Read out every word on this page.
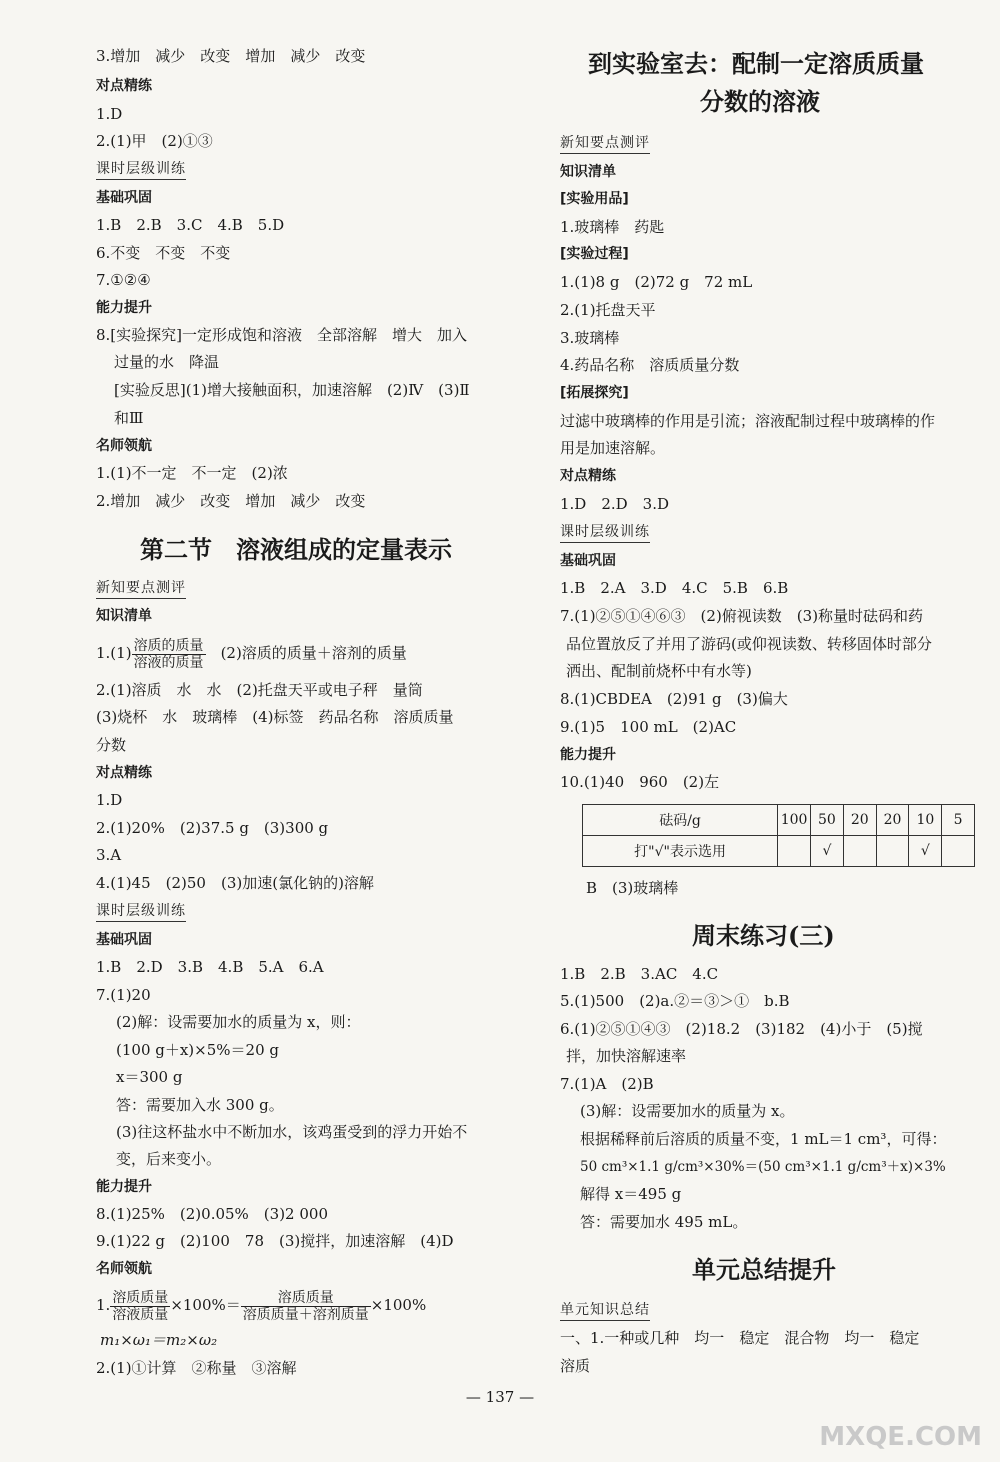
3.增加　减少　改变　增加　减少　改变
对点精练
1.D
2.(1)甲　(2)①③
课时层级训练
基础巩固
1.B　2.B　3.C　4.B　5.D
6.不变　不变　不变
7.①②④
能力提升
8.[实验探究]一定形成饱和溶液　全部溶解　增大　加入
过量的水　降温
[实验反思](1)增大接触面积，加速溶解　(2)Ⅳ　(3)Ⅱ
和Ⅲ
名师领航
1.(1)不一定　不一定　(2)浓
2.增加　减少　改变　增加　减少　改变
第二节　溶液组成的定量表示
新知要点测评
知识清单
$1.(1) \frac{\text{溶质的质量}}{\text{溶液的质量}}$ 　(2)溶质的质量＋溶剂的质量
2.(1)溶质　水　水　(2)托盘天平或电子秤　量筒
(3)烧杯　水　玻璃棒　(4)标签　药品名称　溶质质量
分数
对点精练
1.D
2.(1)20%　(2)37.5 g　(3)300 g
3.A
4.(1)45　(2)50　(3)加速(氯化钠的)溶解
课时层级训练
基础巩固
1.B　2.D　3.B　4.B　5.A　6.A
7.(1)20
(2)解：设需要加水的质量为 x，则：
(100 g＋x)×5%＝20 g
x＝300 g
答：需要加入水 300 g。
(3)往这杯盐水中不断加水，该鸡蛋受到的浮力开始不
变，后来变小。
能力提升
8.(1)25%　(2)0.05%　(3)2 000
9.(1)22 g　(2)100　78　(3)搅拌，加速溶解　(4)D
名师领航
1. $\frac{\text{溶质质量}}{\text{溶液质量}} \times 100\%= \frac{\text{溶质质量}}{\text{溶质质量＋溶剂质量}} \times 100\%$
m₁×ω₁＝m₂×ω₂
2.(1)①计算　②称量　③溶解
到实验室去：配制一定溶质质量
分数的溶液
新知要点测评
知识清单
[实验用品]
1.玻璃棒　药匙
[实验过程]
1.(1)8 g　(2)72 g　72 mL
2.(1)托盘天平
3.玻璃棒
4.药品名称　溶质质量分数
[拓展探究]
过滤中玻璃棒的作用是引流；溶液配制过程中玻璃棒的作
用是加速溶解。
对点精练
1.D　2.D　3.D
课时层级训练
基础巩固
1.B　2.A　3.D　4.C　5.B　6.B
7.(1)②⑤①④⑥③　(2)俯视读数　(3)称量时砝码和药
品位置放反了并用了游码(或仰视读数、转移固体时部分
洒出、配制前烧杯中有水等)
8.(1)CBDEA　(2)91 g　(3)偏大
9.(1)5　100 mL　(2)AC
能力提升
10.(1)40　960　(2)左
砝码/g	100	50	20	20	10	5
打"√"表示选用		√			√	
B　(3)玻璃棒
周末练习(三)
1.B　2.B　3.AC　4.C
5.(1)500　(2)a.②＝③＞①　b.B
6.(1)②⑤①④③　(2)18.2　(3)182　(4)小于　(5)搅
拌，加快溶解速率
7.(1)A　(2)B
(3)解：设需要加水的质量为 x。
根据稀释前后溶质的质量不变，1 mL＝1 cm³，可得：
50 cm³×1.1 g/cm³×30%＝(50 cm³×1.1 g/cm³＋x)×3%
解得 x＝495 g
答：需要加水 495 mL。
单元总结提升
单元知识总结
一、1.一种或几种　均一　稳定　混合物　均一　稳定
溶质
— 137 —
MXQE.COM
